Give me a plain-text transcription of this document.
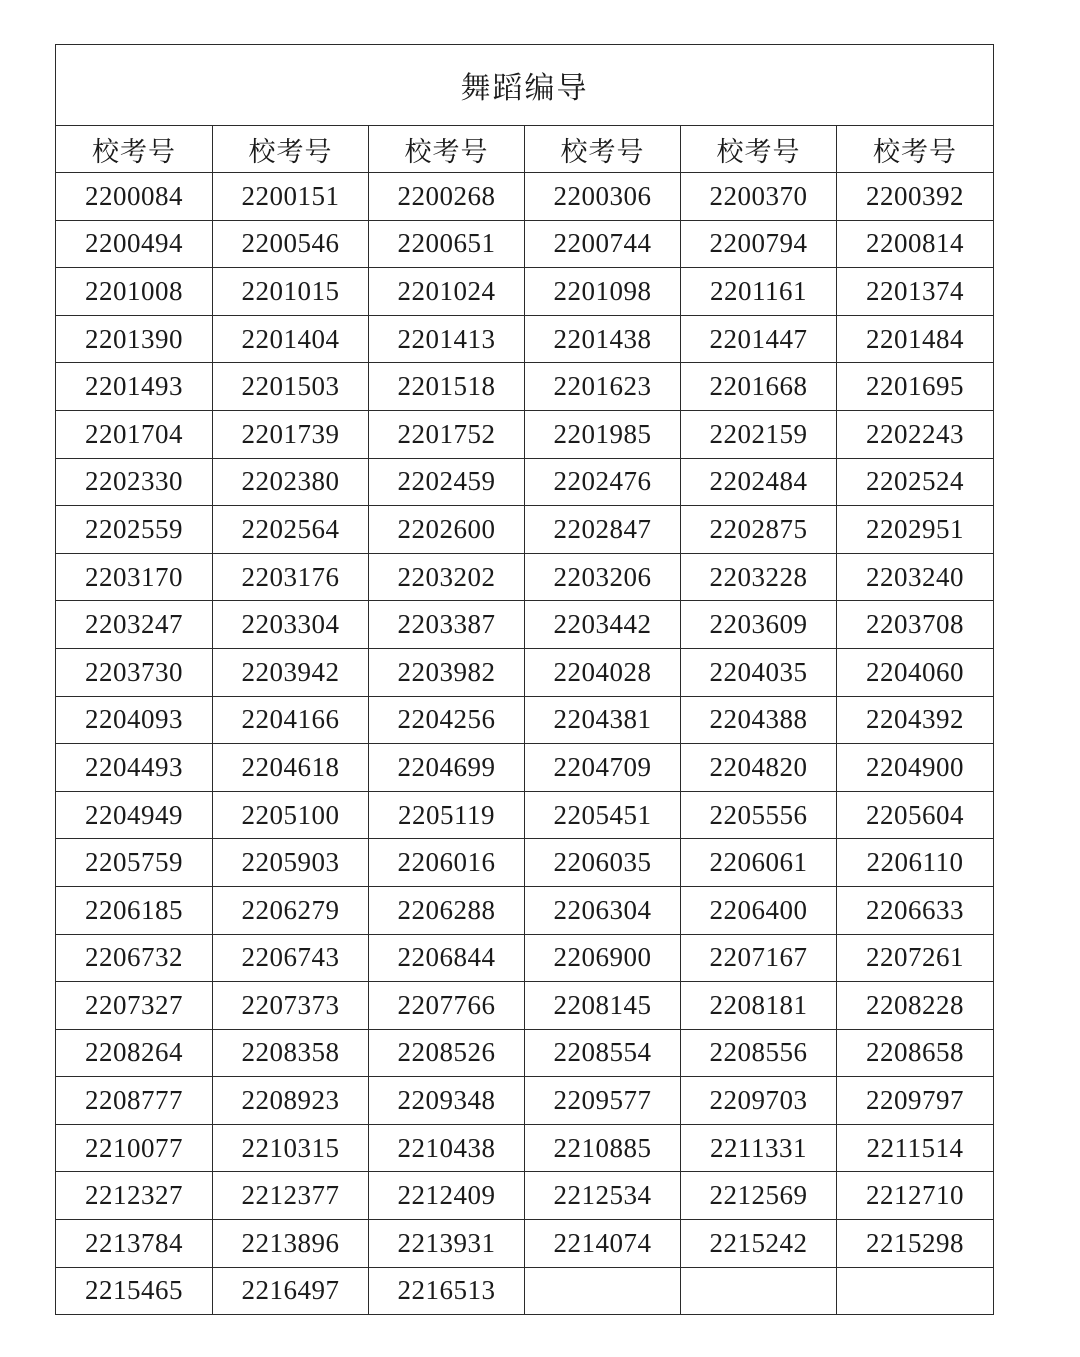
舞蹈编导					
校考号	校考号	校考号	校考号	校考号	校考号
2200084	2200151	2200268	2200306	2200370	2200392
2200494	2200546	2200651	2200744	2200794	2200814
2201008	2201015	2201024	2201098	2201161	2201374
2201390	2201404	2201413	2201438	2201447	2201484
2201493	2201503	2201518	2201623	2201668	2201695
2201704	2201739	2201752	2201985	2202159	2202243
2202330	2202380	2202459	2202476	2202484	2202524
2202559	2202564	2202600	2202847	2202875	2202951
2203170	2203176	2203202	2203206	2203228	2203240
2203247	2203304	2203387	2203442	2203609	2203708
2203730	2203942	2203982	2204028	2204035	2204060
2204093	2204166	2204256	2204381	2204388	2204392
2204493	2204618	2204699	2204709	2204820	2204900
2204949	2205100	2205119	2205451	2205556	2205604
2205759	2205903	2206016	2206035	2206061	2206110
2206185	2206279	2206288	2206304	2206400	2206633
2206732	2206743	2206844	2206900	2207167	2207261
2207327	2207373	2207766	2208145	2208181	2208228
2208264	2208358	2208526	2208554	2208556	2208658
2208777	2208923	2209348	2209577	2209703	2209797
2210077	2210315	2210438	2210885	2211331	2211514
2212327	2212377	2212409	2212534	2212569	2212710
2213784	2213896	2213931	2214074	2215242	2215298
2215465	2216497	2216513			
